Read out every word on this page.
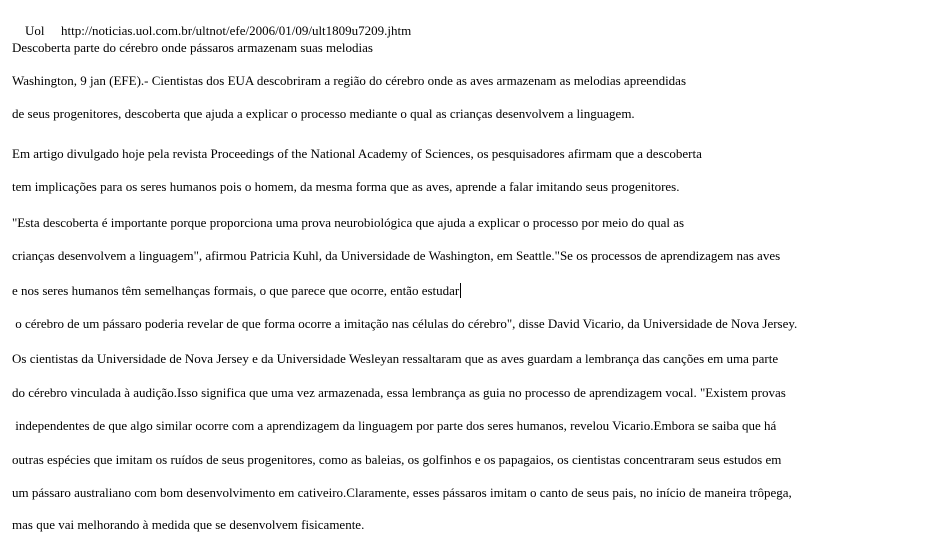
Uol http://noticias.uol.com.br/ultnot/efe/2006/01/09/ult1809u7209.jhtm

Descoberta parte do cérebro onde pássaros armazenam suas melodias
Washington, 9 jan (EFE).- Cientistas dos EUA descobriram a região do cérebro onde as aves armazenam as melodias apreendidas
de seus progenitores, descoberta que ajuda a explicar o processo mediante o qual as crianças desenvolvem a linguagem.
Em artigo divulgado hoje pela revista Proceedings of the National Academy of Sciences, os pesquisadores afirmam que a descoberta
tem implicações para os seres humanos pois o homem, da mesma forma que as aves, aprende a falar imitando seus progenitores.
"Esta descoberta é importante porque proporciona uma prova neurobiológica que ajuda a explicar o processo por meio do qual as
crianças desenvolvem a linguagem", afirmou Patricia Kuhl, da Universidade de Washington, em Seattle."Se os processos de aprendizagem nas aves
e nos seres humanos têm semelhanças formais, o que parece que ocorre, então estudar
o cérebro de um pássaro poderia revelar de que forma ocorre a imitação nas células do cérebro", disse David Vicario, da Universidade de Nova Jersey.
Os cientistas da Universidade de Nova Jersey e da Universidade Wesleyan ressaltaram que as aves guardam a lembrança das canções em uma parte
do cérebro vinculada à audição.Isso significa que uma vez armazenada, essa lembrança as guia no processo de aprendizagem vocal. "Existem provas
independentes de que algo similar ocorre com a aprendizagem da linguagem por parte dos seres humanos, revelou Vicario.Embora se saiba que há
outras espécies que imitam os ruídos de seus progenitores, como as baleias, os golfinhos e os papagaios, os cientistas concentraram seus estudos em
um pássaro australiano com bom desenvolvimento em cativeiro.Claramente, esses pássaros imitam o canto de seus pais, no início de maneira trôpega,
mas que vai melhorando à medida que se desenvolvem fisicamente.
